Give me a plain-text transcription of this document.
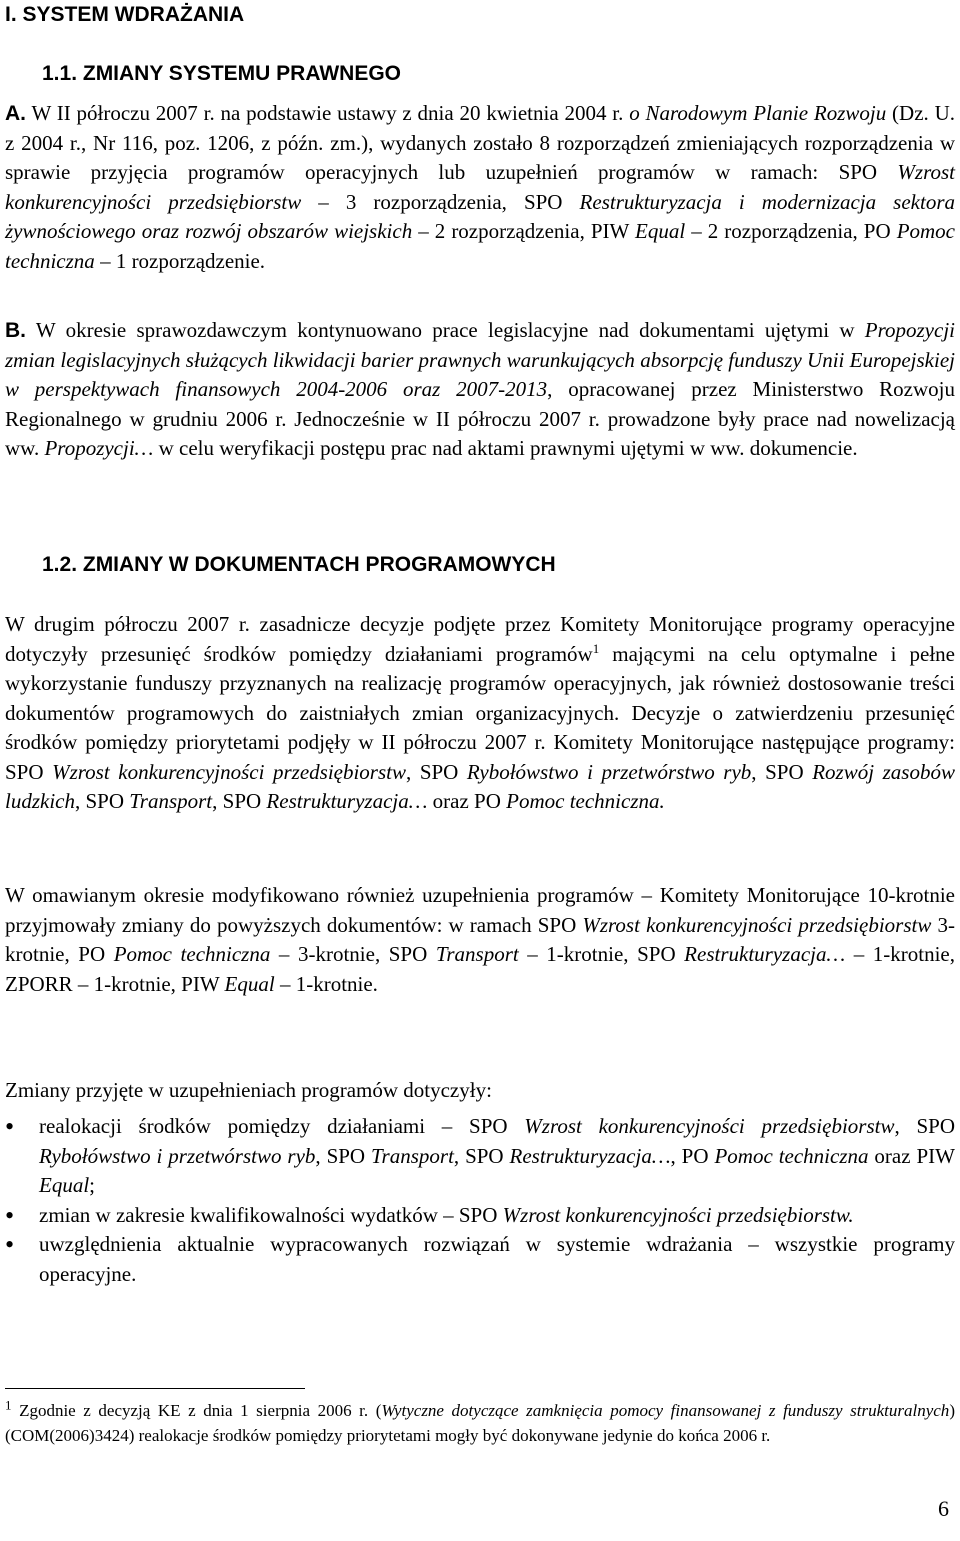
I. SYSTEM WDRAŻANIA
1.1. ZMIANY SYSTEMU PRAWNEGO
A. W II półroczu 2007 r. na podstawie ustawy z dnia 20 kwietnia 2004 r. o Narodowym Planie Rozwoju (Dz. U. z 2004 r., Nr 116, poz. 1206, z późn. zm.), wydanych zostało 8 rozporządzeń zmieniających rozporządzenia w sprawie przyjęcia programów operacyjnych lub uzupełnień programów w ramach: SPO Wzrost konkurencyjności przedsiębiorstw – 3 rozporządzenia, SPO Restrukturyzacja i modernizacja sektora żywnościowego oraz rozwój obszarów wiejskich – 2 rozporządzenia, PIW Equal – 2 rozporządzenia, PO Pomoc techniczna – 1 rozporządzenie.
B. W okresie sprawozdawczym kontynuowano prace legislacyjne nad dokumentami ujętymi w Propozycji zmian legislacyjnych służących likwidacji barier prawnych warunkujących absorpcję funduszy Unii Europejskiej w perspektywach finansowych 2004-2006 oraz 2007-2013, opracowanej przez Ministerstwo Rozwoju Regionalnego w grudniu 2006 r. Jednocześnie w II półroczu 2007 r. prowadzone były prace nad nowelizacją ww. Propozycji… w celu weryfikacji postępu prac nad aktami prawnymi ujętymi w ww. dokumencie.
1.2. ZMIANY W DOKUMENTACH PROGRAMOWYCH
W drugim półroczu 2007 r. zasadnicze decyzje podjęte przez Komitety Monitorujące programy operacyjne dotyczyły przesunięć środków pomiędzy działaniami programów$^1$ mającymi na celu optymalne i pełne wykorzystanie funduszy przyznanych na realizację programów operacyjnych, jak również dostosowanie treści dokumentów programowych do zaistniałych zmian organizacyjnych. Decyzje o zatwierdzeniu przesunięć środków pomiędzy priorytetami podjęły w II półroczu 2007 r. Komitety Monitorujące następujące programy: SPO Wzrost konkurencyjności przedsiębiorstw, SPO Rybołówstwo i przetwórstwo ryb, SPO Rozwój zasobów ludzkich, SPO Transport, SPO Restrukturyzacja… oraz PO Pomoc techniczna.
W omawianym okresie modyfikowano również uzupełnienia programów – Komitety Monitorujące 10-krotnie przyjmowały zmiany do powyższych dokumentów: w ramach SPO Wzrost konkurencyjności przedsiębiorstw 3-krotnie, PO Pomoc techniczna – 3-krotnie, SPO Transport – 1-krotnie, SPO Restrukturyzacja… – 1-krotnie, ZPORR – 1-krotnie, PIW Equal – 1-krotnie.
Zmiany przyjęte w uzupełnieniach programów dotyczyły:
• realokacji środków pomiędzy działaniami – SPO Wzrost konkurencyjności przedsiębiorstw, SPO Rybołówstwo i przetwórstwo ryb, SPO Transport, SPO Restrukturyzacja…, PO Pomoc techniczna oraz PIW Equal;
• zmian w zakresie kwalifikowalności wydatków – SPO Wzrost konkurencyjności przedsiębiorstw.
• uwzględnienia aktualnie wypracowanych rozwiązań w systemie wdrażania – wszystkie programy operacyjne.
$^1$ Zgodnie z decyzją KE z dnia 1 sierpnia 2006 r. (Wytyczne dotyczące zamknięcia pomocy finansowanej z funduszy strukturalnych) (COM(2006)3424) realokacje środków pomiędzy priorytetami mogły być dokonywane jedynie do końca 2006 r.
6
